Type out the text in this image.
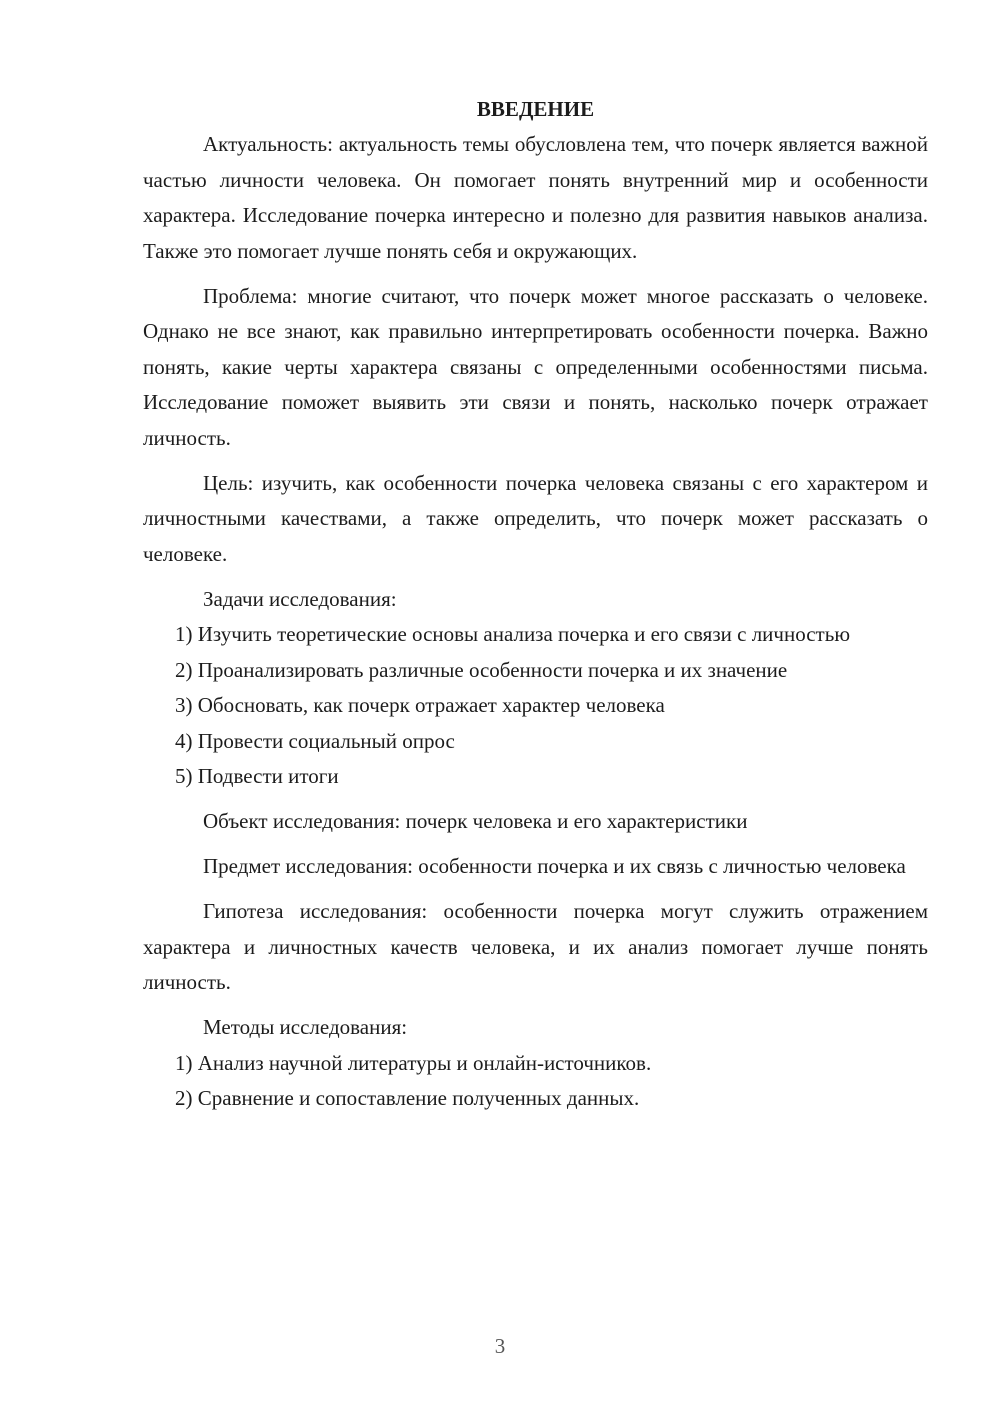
ВВЕДЕНИЕ

Актуальность: актуальность темы обусловлена тем, что почерк является важной частью личности человека. Он помогает понять внутренний мир и особенности характера. Исследование почерка интересно и полезно для развития навыков анализа. Также это помогает лучше понять себя и окружающих.

Проблема: многие считают, что почерк может многое рассказать о человеке. Однако не все знают, как правильно интерпретировать особенности почерка. Важно понять, какие черты характера связаны с определенными особенностями письма. Исследование поможет выявить эти связи и понять, насколько почерк отражает личность.

Цель: изучить, как особенности почерка человека связаны с его характером и личностными качествами, а также определить, что почерк может рассказать о человеке.

Задачи исследования:

1) Изучить теоретические основы анализа почерка и его связи с личностью

2) Проанализировать различные особенности почерка и их значение

3) Обосновать, как почерк отражает характер человека

4) Провести социальный опрос

5) Подвести итоги

Объект исследования: почерк человека и его характеристики

Предмет исследования: особенности почерка и их связь с личностью человека

Гипотеза исследования: особенности почерка могут служить отражением характера и личностных качеств человека, и их анализ помогает лучше понять личность.

Методы исследования:

1) Анализ научной литературы и онлайн-источников.

2) Сравнение и сопоставление полученных данных.

3
